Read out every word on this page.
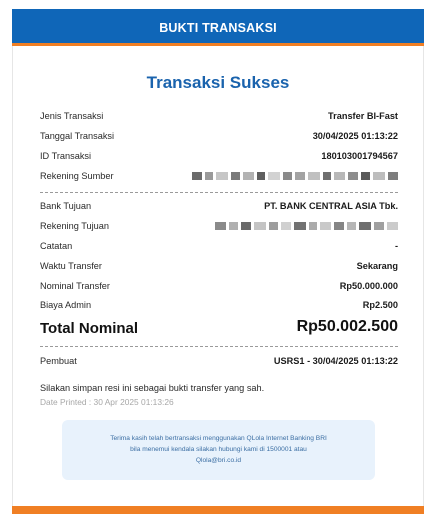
BUKTI TRANSAKSI
Transaksi Sukses
Jenis Transaksi	Transfer BI-Fast
Tanggal Transaksi	30/04/2025 01:13:22
ID Transaksi	180103001794567
Rekening Sumber
Bank Tujuan	PT. BANK CENTRAL ASIA Tbk.
Rekening Tujuan
Catatan	-
Waktu Transfer	Sekarang
Nominal Transfer	Rp50.000.000
Biaya Admin	Rp2.500
Total Nominal	Rp50.002.500
Pembuat	USRS1 - 30/04/2025 01:13:22
Silakan simpan resi ini sebagai bukti transfer yang sah.
Date Printed : 30 Apr 2025 01:13:26
Terima kasih telah bertransaksi menggunakan QLola Internet Banking BRI
bila menemui kendala silakan hubungi kami di 1500001 atau
Qlola@bri.co.id
